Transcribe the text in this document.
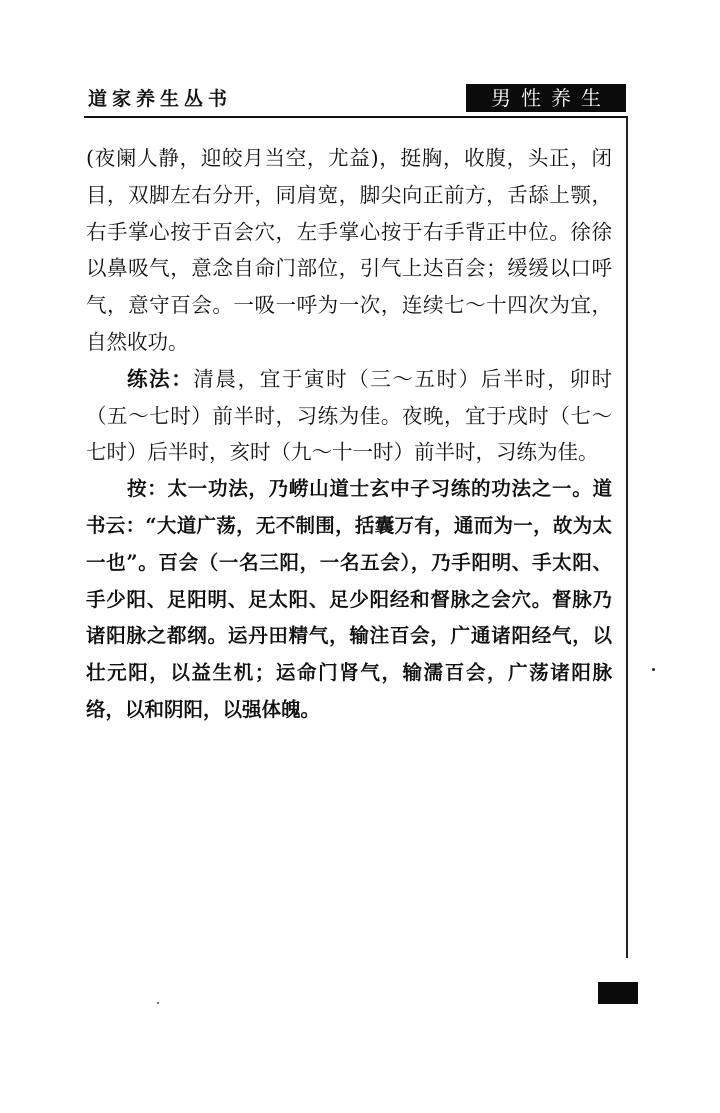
道家养生丛书	男性养生

(夜阑人静，迎皎月当空，尤益)，挺胸，收腹，头正，闭目，双脚左右分开，同肩宽，脚尖向正前方，舌舔上颚，右手掌心按于百会穴，左手掌心按于右手背正中位。徐徐以鼻吸气，意念自命门部位，引气上达百会；缓缓以口呼气，意守百会。一吸一呼为一次，连续七～十四次为宜，自然收功。

练法：清晨，宜于寅时（三～五时）后半时，卯时（五～七时）前半时，习练为佳。夜晚，宜于戌时（七～七时）后半时，亥时（九～十一时）前半时，习练为佳。

按：太一功法，乃崂山道士玄中子习练的功法之一。道书云：“大道广荡，无不制围，括囊万有，通而为一，故为太一也”。百会（一名三阳，一名五会），乃手阳明、手太阳、手少阳、足阳明、足太阳、足少阳经和督脉之会穴。督脉乃诸阳脉之都纲。运丹田精气，输注百会，广通诸阳经气，以壮元阳，以益生机；运命门肾气，输濡百会，广荡诸阳脉络，以和阴阳，以强体魄。
